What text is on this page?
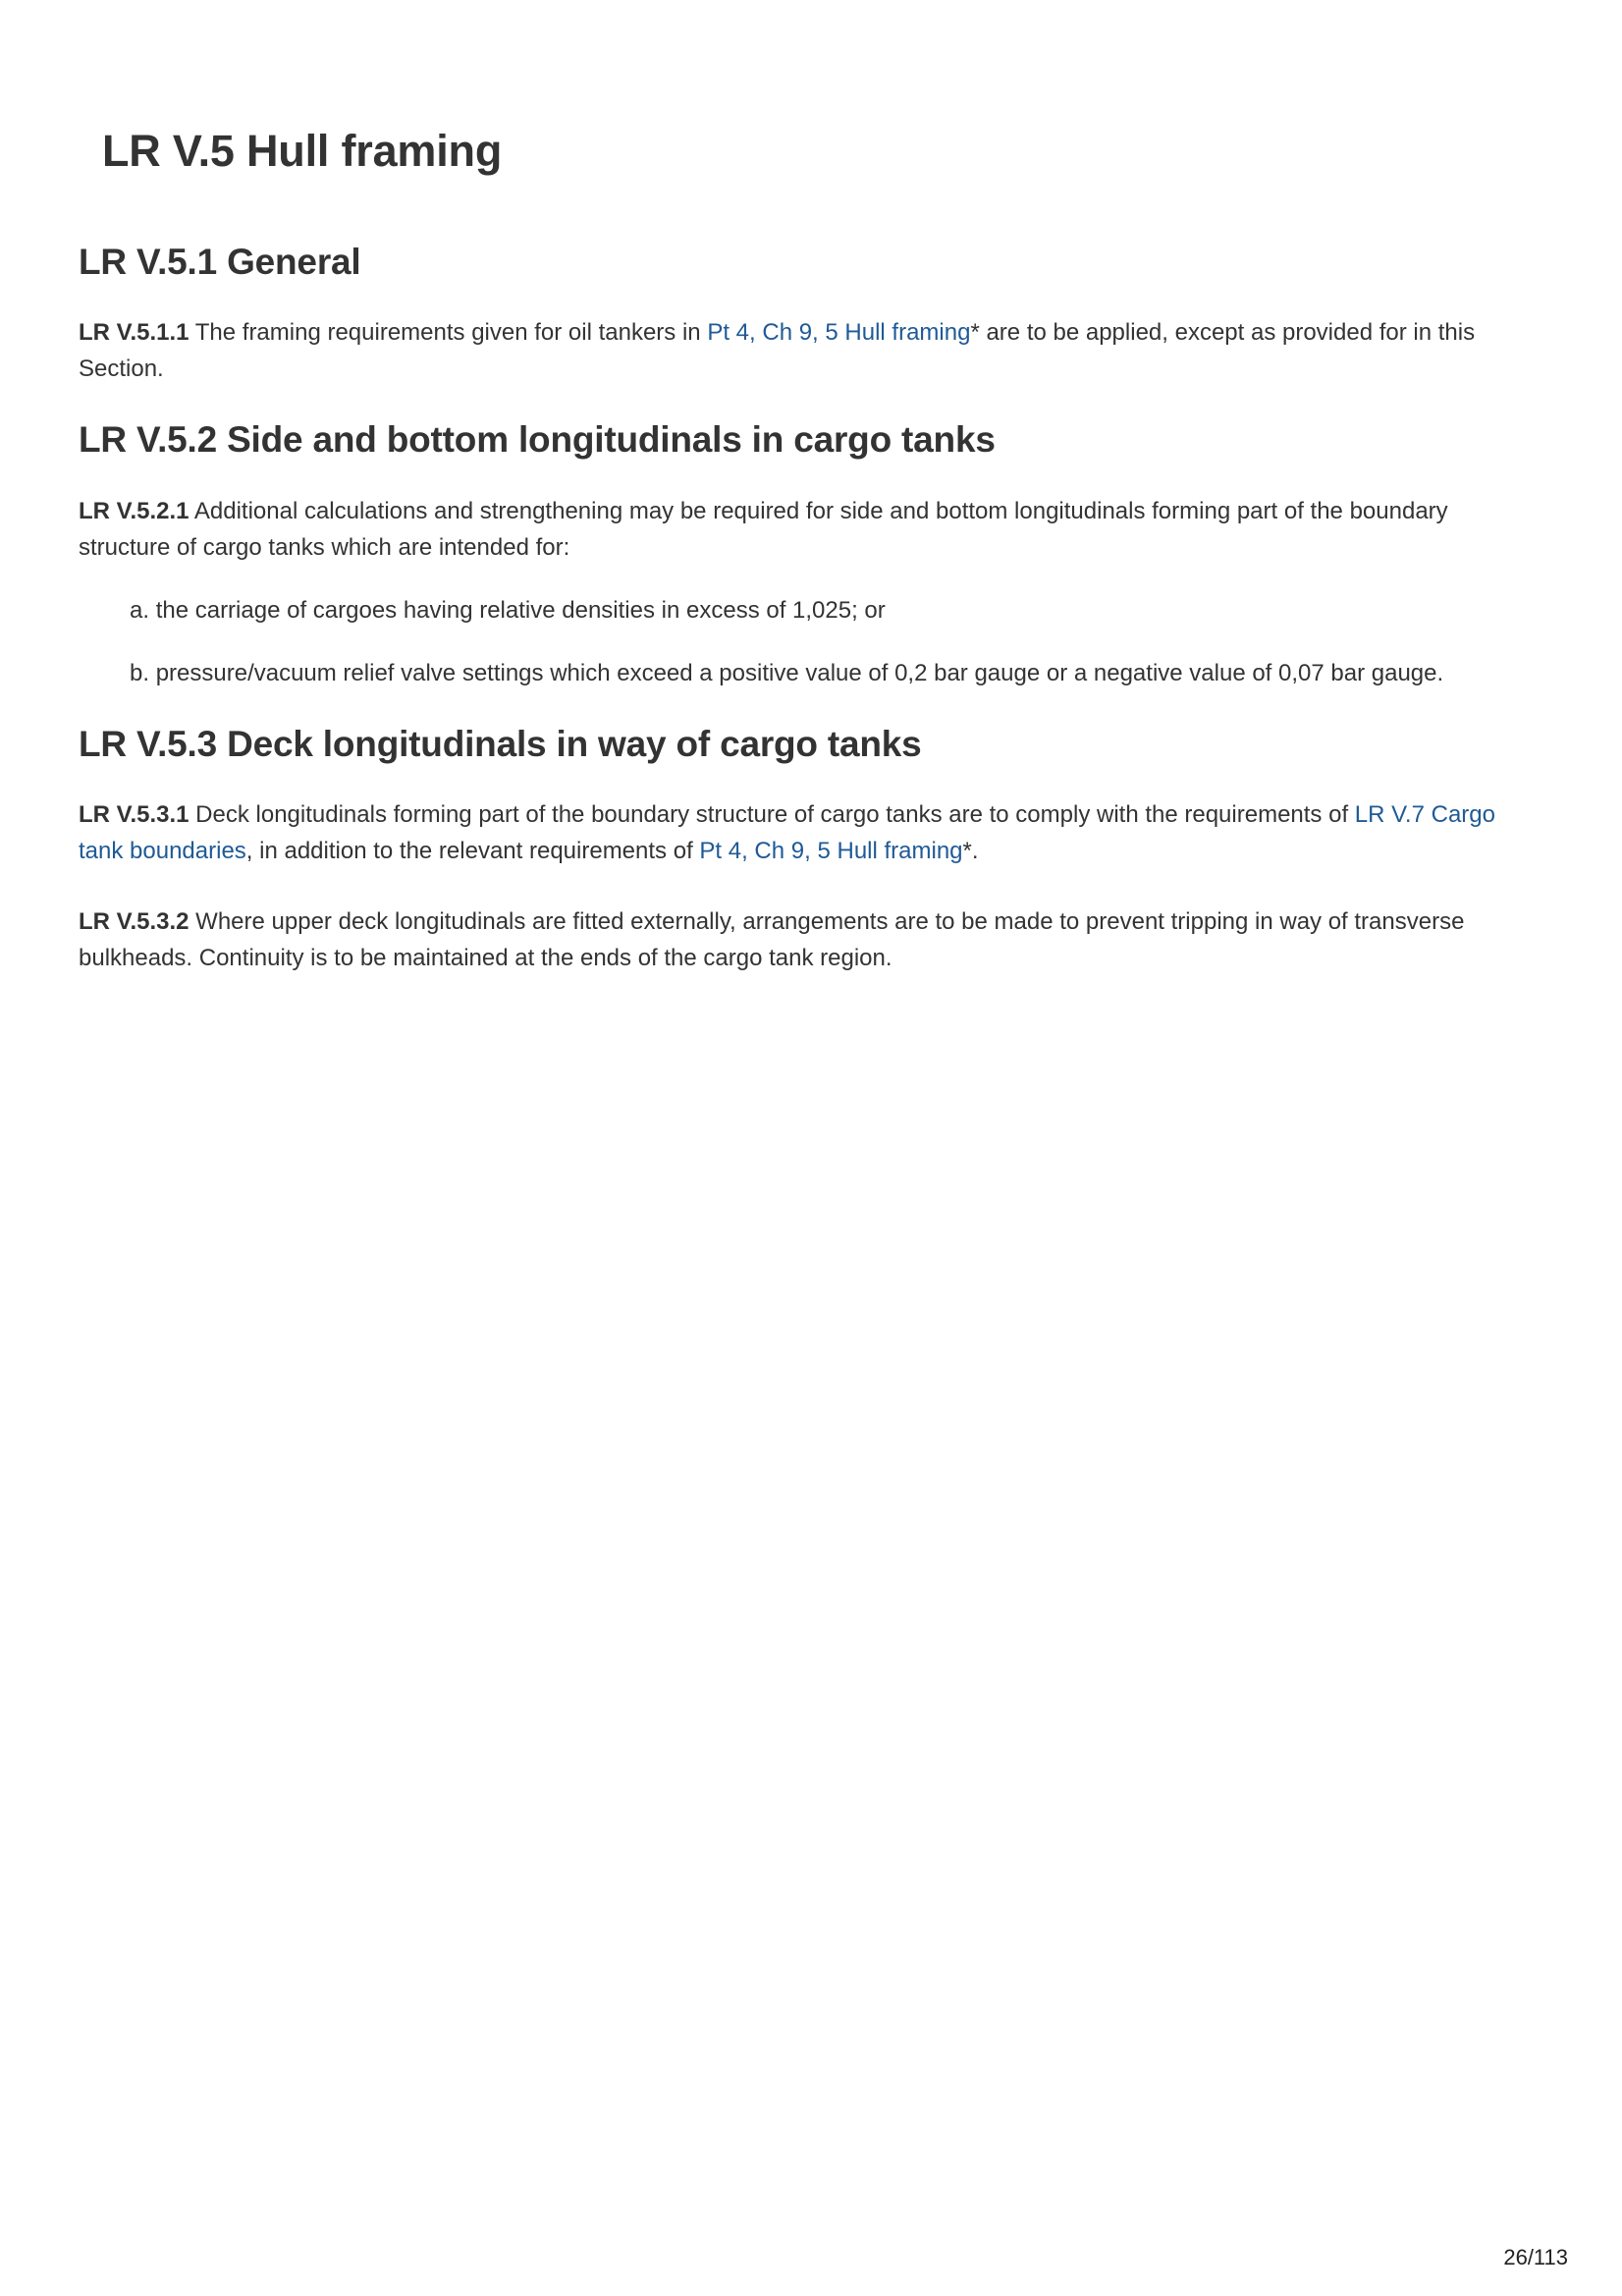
LR V.5 Hull framing
LR V.5.1 General

LR V.5.1.1 The framing requirements given for oil tankers in Pt 4, Ch 9, 5 Hull framing* are to be applied, except as provided for in this Section.

LR V.5.2 Side and bottom longitudinals in cargo tanks

LR V.5.2.1 Additional calculations and strengthening may be required for side and bottom longitudinals forming part of the boundary structure of cargo tanks which are intended for:

a. the carriage of cargoes having relative densities in excess of 1,025; or
b. pressure/vacuum relief valve settings which exceed a positive value of 0,2 bar gauge or a negative value of 0,07 bar gauge.
LR V.5.3 Deck longitudinals in way of cargo tanks

LR V.5.3.1 Deck longitudinals forming part of the boundary structure of cargo tanks are to comply with the requirements of LR V.7 Cargo tank boundaries, in addition to the relevant requirements of Pt 4, Ch 9, 5 Hull framing*.

LR V.5.3.2 Where upper deck longitudinals are fitted externally, arrangements are to be made to prevent tripping in way of transverse bulkheads. Continuity is to be maintained at the ends of the cargo tank region.

26/113
